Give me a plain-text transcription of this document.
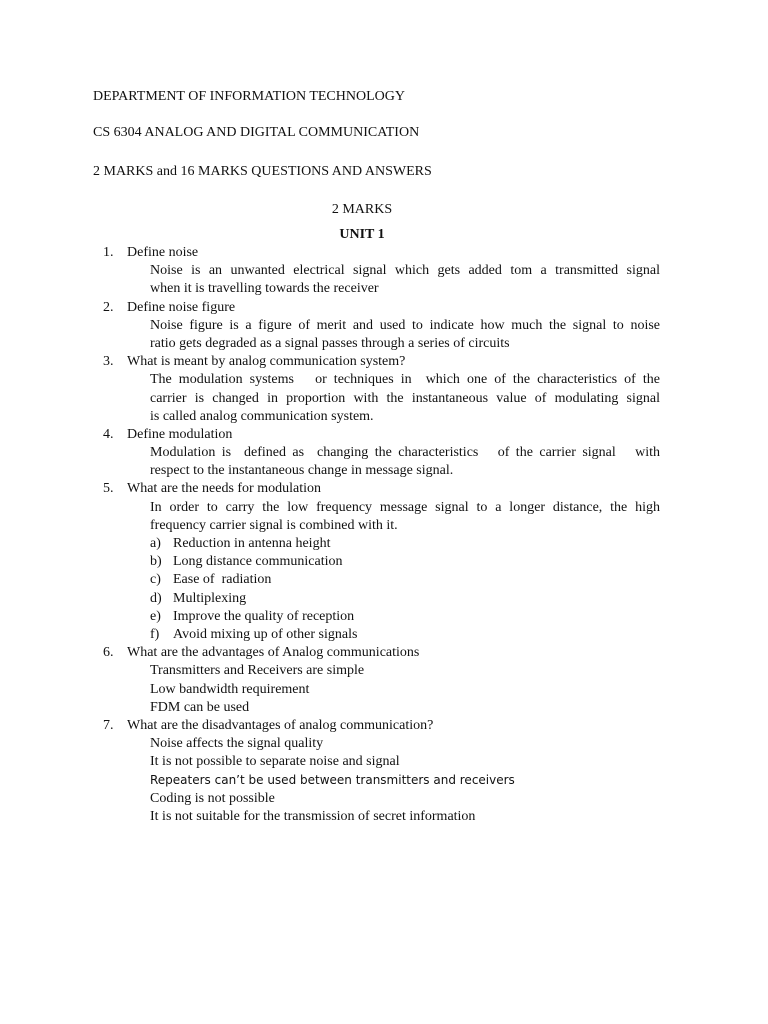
DEPARTMENT OF INFORMATION TECHNOLOGY
CS 6304 ANALOG AND DIGITAL COMMUNICATION
2 MARKS and 16 MARKS QUESTIONS AND ANSWERS
2 MARKS
UNIT 1
1. Define noise
Noise is an unwanted electrical signal which gets added tom a transmitted signal
when it is travelling towards the receiver
2. Define noise figure
Noise figure is a figure of merit and used to indicate how much the signal to noise
ratio gets degraded as a signal passes through a series of circuits
3. What is meant by analog communication system?
The modulation systems   or techniques in  which one of the characteristics of the
carrier is changed in proportion with the instantaneous value of modulating signal
is called analog communication system.
4. Define modulation
Modulation is  defined as  changing the characteristics   of the carrier signal   with
respect to the instantaneous change in message signal.
5. What are the needs for modulation
In order to carry the low frequency message signal to a longer distance, the high
frequency carrier signal is combined with it.
a) Reduction in antenna height
b) Long distance communication
c) Ease of  radiation
d) Multiplexing
e) Improve the quality of reception
f) Avoid mixing up of other signals
6. What are the advantages of Analog communications
Transmitters and Receivers are simple
Low bandwidth requirement
FDM can be used
7. What are the disadvantages of analog communication?
Noise affects the signal quality
It is not possible to separate noise and signal
Repeaters can’t be used between transmitters and receivers
Coding is not possible
It is not suitable for the transmission of secret information
